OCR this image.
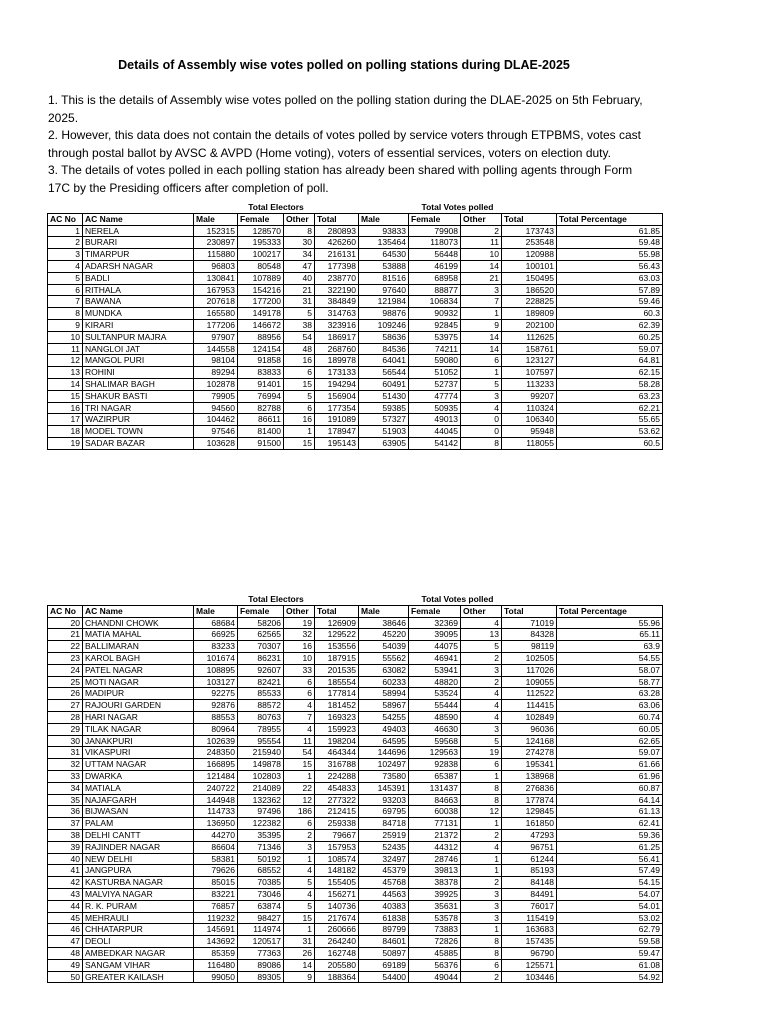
Details of Assembly wise votes polled on polling stations during DLAE-2025

1. This is the details of Assembly wise votes polled on the polling station during the DLAE-2025 on 5th February, 2025.

2. However, this data does not contain the details of votes polled by service voters through ETPBMS, votes cast through postal ballot by AVSC & AVPD (Home voting), voters of essential services, voters on election duty.

3. The details of votes polled in each polling station has already been shared with polling agents through Form 17C by the Presiding officers after completion of poll.

		Total Electors				Total Votes polled				
AC No	AC Name	Male	Female	Other	Total	Male	Female	Other	Total	Total Percentage
1	NERELA	152315	128570	8	280893	93833	79908	2	173743	61.85
2	BURARI	230897	195333	30	426260	135464	118073	11	253548	59.48
3	TIMARPUR	115880	100217	34	216131	64530	56448	10	120988	55.98
4	ADARSH NAGAR	96803	80548	47	177398	53888	46199	14	100101	56.43
5	BADLI	130841	107889	40	238770	81516	68958	21	150495	63.03
6	RITHALA	167953	154216	21	322190	97640	88877	3	186520	57.89
7	BAWANA	207618	177200	31	384849	121984	106834	7	228825	59.46
8	MUNDKA	165580	149178	5	314763	98876	90932	1	189809	60.3
9	KIRARI	177206	146672	38	323916	109246	92845	9	202100	62.39
10	SULTANPUR MAJRA	97907	88956	54	186917	58636	53975	14	112625	60.25
11	NANGLOI JAT	144558	124154	48	268760	84536	74211	14	158761	59.07
12	MANGOL PURI	98104	91858	16	189978	64041	59080	6	123127	64.81
13	ROHINI	89294	83833	6	173133	56544	51052	1	107597	62.15
14	SHALIMAR BAGH	102878	91401	15	194294	60491	52737	5	113233	58.28
15	SHAKUR BASTI	79905	76994	5	156904	51430	47774	3	99207	63.23
16	TRI NAGAR	94560	82788	6	177354	59385	50935	4	110324	62.21
17	WAZIRPUR	104462	86611	16	191089	57327	49013	0	106340	55.65
18	MODEL TOWN	97546	81400	1	178947	51903	44045	0	95948	53.62
19	SADAR BAZAR	103628	91500	15	195143	63905	54142	8	118055	60.5
		Total Electors				Total Votes polled				
AC No	AC Name	Male	Female	Other	Total	Male	Female	Other	Total	Total Percentage
20	CHANDNI CHOWK	68684	58206	19	126909	38646	32369	4	71019	55.96
21	MATIA MAHAL	66925	62565	32	129522	45220	39095	13	84328	65.11
22	BALLIMARAN	83233	70307	16	153556	54039	44075	5	98119	63.9
23	KAROL BAGH	101674	86231	10	187915	55562	46941	2	102505	54.55
24	PATEL NAGAR	108895	92607	33	201535	63082	53941	3	117026	58.07
25	MOTI NAGAR	103127	82421	6	185554	60233	48820	2	109055	58.77
26	MADIPUR	92275	85533	6	177814	58994	53524	4	112522	63.28
27	RAJOURI GARDEN	92876	88572	4	181452	58967	55444	4	114415	63.06
28	HARI NAGAR	88553	80763	7	169323	54255	48590	4	102849	60.74
29	TILAK NAGAR	80964	78955	4	159923	49403	46630	3	96036	60.05
30	JANAKPURI	102639	95554	11	198204	64595	59568	5	124168	62.65
31	VIKASPURI	248350	215940	54	464344	144696	129563	19	274278	59.07
32	UTTAM NAGAR	166895	149878	15	316788	102497	92838	6	195341	61.66
33	DWARKA	121484	102803	1	224288	73580	65387	1	138968	61.96
34	MATIALA	240722	214089	22	454833	145391	131437	8	276836	60.87
35	NAJAFGARH	144948	132362	12	277322	93203	84663	8	177874	64.14
36	BIJWASAN	114733	97496	186	212415	69795	60038	12	129845	61.13
37	PALAM	136950	122382	6	259338	84718	77131	1	161850	62.41
38	DELHI CANTT	44270	35395	2	79667	25919	21372	2	47293	59.36
39	RAJINDER NAGAR	86604	71346	3	157953	52435	44312	4	96751	61.25
40	NEW DELHI	58381	50192	1	108574	32497	28746	1	61244	56.41
41	JANGPURA	79626	68552	4	148182	45379	39813	1	85193	57.49
42	KASTURBA NAGAR	85015	70385	5	155405	45768	38378	2	84148	54.15
43	MALVIYA NAGAR	83221	73046	4	156271	44563	39925	3	84491	54.07
44	R. K. PURAM	76857	63874	5	140736	40383	35631	3	76017	54.01
45	MEHRAULI	119232	98427	15	217674	61838	53578	3	115419	53.02
46	CHHATARPUR	145691	114974	1	260666	89799	73883	1	163683	62.79
47	DEOLI	143692	120517	31	264240	84601	72826	8	157435	59.58
48	AMBEDKAR NAGAR	85359	77363	26	162748	50897	45885	8	96790	59.47
49	SANGAM VIHAR	116480	89086	14	205580	69189	56376	6	125571	61.08
50	GREATER KAILASH	99050	89305	9	188364	54400	49044	2	103446	54.92
